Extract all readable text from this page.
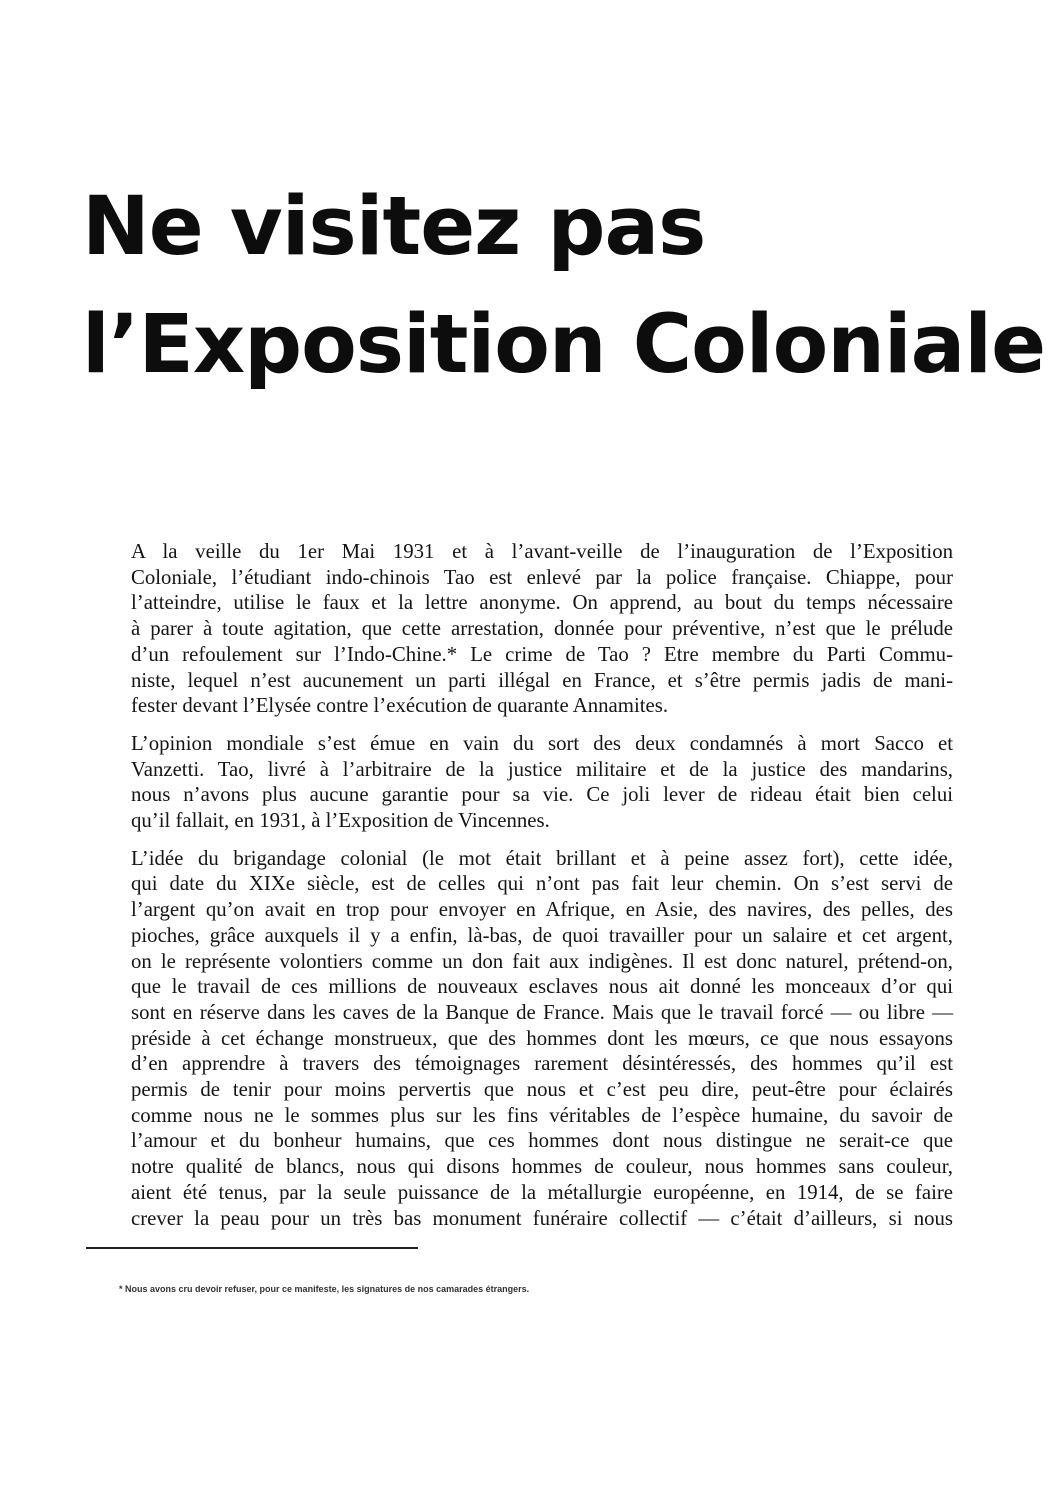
Ne visitez pas
l’Exposition Coloniale
A la veille du 1er Mai 1931 et à l’avant-veille de l’inauguration de l’Exposition
Coloniale, l’étudiant indo-chinois Tao est enlevé par la police française. Chiappe, pour
l’atteindre, utilise le faux et la lettre anonyme. On apprend, au bout du temps nécessaire
à parer à toute agitation, que cette arrestation, donnée pour préventive, n’est que le prélude
d’un refoulement sur l’Indo-Chine.* Le crime de Tao ? Etre membre du Parti Commu-
niste, lequel n’est aucunement un parti illégal en France, et s’être permis jadis de mani-
fester devant l’Elysée contre l’exécution de quarante Annamites.
L’opinion mondiale s’est émue en vain du sort des deux condamnés à mort Sacco et
Vanzetti. Tao, livré à l’arbitraire de la justice militaire et de la justice des mandarins,
nous n’avons plus aucune garantie pour sa vie. Ce joli lever de rideau était bien celui
qu’il fallait, en 1931, à l’Exposition de Vincennes.
L’idée du brigandage colonial (le mot était brillant et à peine assez fort), cette idée,
qui date du XIXe siècle, est de celles qui n’ont pas fait leur chemin. On s’est servi de
l’argent qu’on avait en trop pour envoyer en Afrique, en Asie, des navires, des pelles, des
pioches, grâce auxquels il y a enfin, là-bas, de quoi travailler pour un salaire et cet argent,
on le représente volontiers comme un don fait aux indigènes. Il est donc naturel, prétend-on,
que le travail de ces millions de nouveaux esclaves nous ait donné les monceaux d’or qui
sont en réserve dans les caves de la Banque de France. Mais que le travail forcé — ou libre —
préside à cet échange monstrueux, que des hommes dont les mœurs, ce que nous essayons
d’en apprendre à travers des témoignages rarement désintéressés, des hommes qu’il est
permis de tenir pour moins pervertis que nous et c’est peu dire, peut-être pour éclairés
comme nous ne le sommes plus sur les fins véritables de l’espèce humaine, du savoir de
l’amour et du bonheur humains, que ces hommes dont nous distingue ne serait-ce que
notre qualité de blancs, nous qui disons hommes de couleur, nous hommes sans couleur,
aient été tenus, par la seule puissance de la métallurgie européenne, en 1914, de se faire
crever la peau pour un très bas monument funéraire collectif — c’était d’ailleurs, si nous
* Nous avons cru devoir refuser, pour ce manifeste, les signatures de nos camarades étrangers.
